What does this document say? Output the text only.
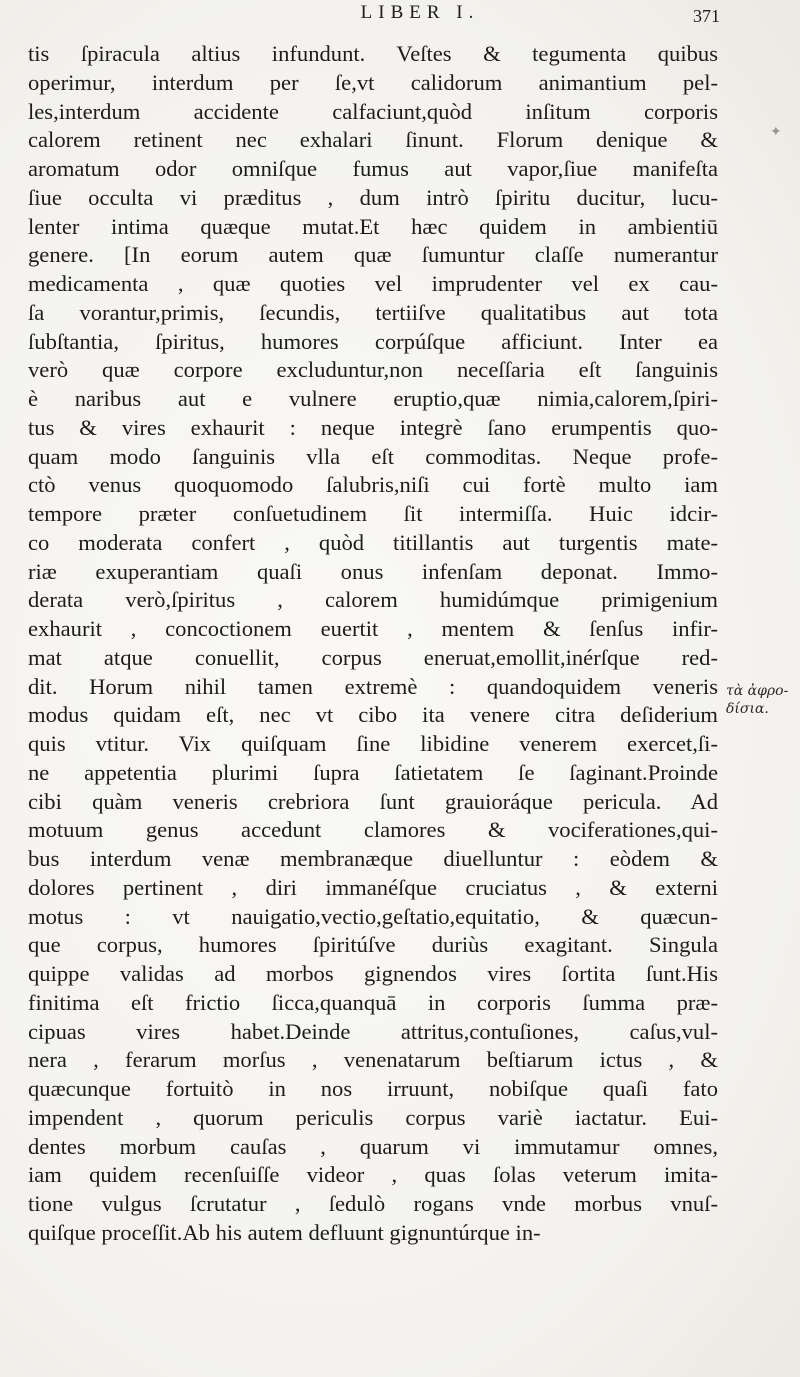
LIBER I.	371
tis ſpiracula altius infundunt. Veſtes & tegumenta quibus
operimur, interdum per ſe,vt calidorum animantium pel-
les,interdum accidente calfaciunt,quòd inſitum corporis
calorem retinent nec exhalari ſinunt. Florum denique &
aromatum odor omniſque fumus aut vapor,ſiue manifeſta
ſiue occulta vi præditus , dum intrò ſpiritu ducitur, lucu-
lenter intima quæque mutat.Et hæc quidem in ambientiū
genere. [In eorum autem quæ ſumuntur claſſe numerantur
medicamenta , quæ quoties vel imprudenter vel ex cau-
ſa vorantur,primis, ſecundis, tertiiſve qualitatibus aut tota
ſubſtantia, ſpiritus, humores corpúſque afficiunt. Inter ea
verò quæ corpore excluduntur,non neceſſaria eſt ſanguinis
è naribus aut e vulnere eruptio,quæ nimia,calorem,ſpiri-
tus & vires exhaurit : neque integrè ſano erumpentis quo-
quam modo ſanguinis vlla eſt commoditas. Neque profe-
ctò venus quoquomodo ſalubris,niſi cui fortè multo iam
tempore præter conſuetudinem ſit intermiſſa. Huic idcir-
co moderata confert , quòd titillantis aut turgentis mate-
riæ exuperantiam quaſi onus infenſam deponat. Immo-
derata verò,ſpiritus , calorem humidúmque primigenium
exhaurit , concoctionem euertit , mentem & ſenſus infir-
mat atque conuellit, corpus eneruat,emollit,inérſque red-
dit. Horum nihil tamen extremè : quandoquidem veneris
modus quidam eſt, nec vt cibo ita venere citra deſiderium
quis vtitur. Vix quiſquam ſine libidine venerem exercet,ſi-
ne appetentia plurimi ſupra ſatietatem ſe ſaginant.Proinde
cibi quàm veneris crebriora ſunt grauioráque pericula. Ad
motuum genus accedunt clamores & vociferationes,qui-
bus interdum venæ membranæque diuelluntur : eòdem &
dolores pertinent , diri immanéſque cruciatus , & externi
motus : vt nauigatio,vectio,geſtatio,equitatio, & quæcun-
que corpus, humores ſpiritúſve duriùs exagitant. Singula
quippe validas ad morbos gignendos vires ſortita ſunt.His
finitima eſt frictio ſicca,quanquā in corporis ſumma præ-
cipuas vires habet.Deinde attritus,contuſiones, caſus,vul-
nera , ferarum morſus , venenatarum beſtiarum ictus , &
quæcunque fortuitò in nos irruunt, nobiſque quaſi fato
impendent , quorum periculis corpus variè iactatur. Eui-
dentes morbum cauſas , quarum vi immutamur omnes,
iam quidem recenſuiſſe videor , quas ſolas veterum imita-
tione vulgus ſcrutatur , ſedulò rogans vnde morbus vnuſ-
quiſque proceſſit.Ab his autem defluunt gignuntúrque in-
τὰ ἀφρο-
δίσια.
✦
